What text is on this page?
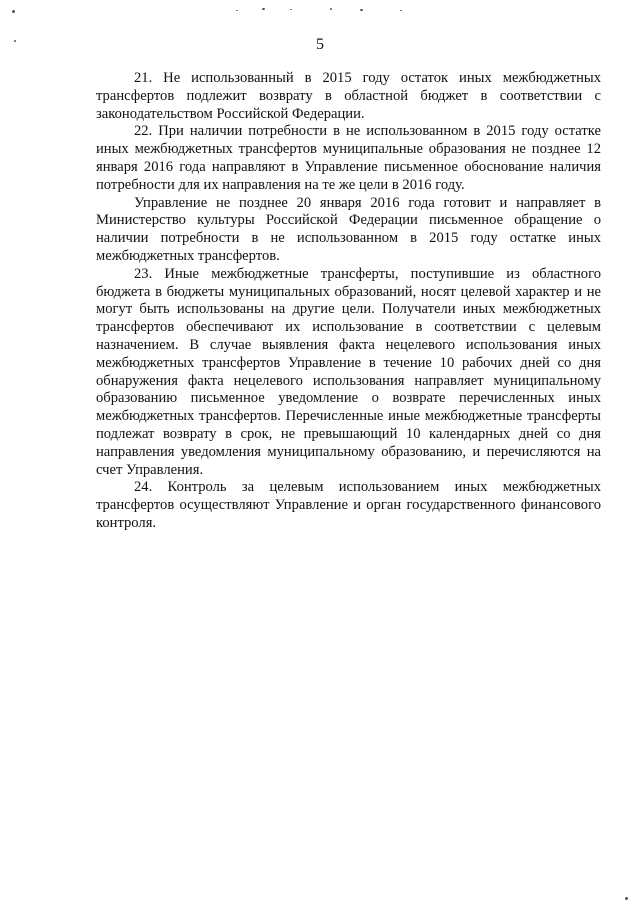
5

21. Не использованный в 2015 году остаток иных межбюджетных трансфертов подлежит возврату в областной бюджет в соответствии с законодательством Российской Федерации.

22. При наличии потребности в не использованном в 2015 году остатке иных межбюджетных трансфертов муниципальные образования не позднее 12 января 2016 года направляют в Управление письменное обоснование наличия потребности для их направления на те же цели в 2016 году.

Управление не позднее 20 января 2016 года готовит и направляет в Министерство культуры Российской Федерации письменное обращение о наличии потребности в не использованном в 2015 году остатке иных межбюджетных трансфертов.

23. Иные межбюджетные трансферты, поступившие из областного бюджета в бюджеты муниципальных образований, носят целевой характер и не могут быть использованы на другие цели. Получатели иных межбюджетных трансфертов обеспечивают их использование в соответствии с целевым назначением. В случае выявления факта нецелевого использования иных межбюджетных трансфертов Управление в течение 10 рабочих дней со дня обнаружения факта нецелевого использования направляет муниципальному образованию письменное уведомление о возврате перечисленных иных межбюджетных трансфертов. Перечисленные иные межбюджетные трансферты подлежат возврату в срок, не превышающий 10 календарных дней со дня направления уведомления муниципальному образованию, и перечисляются на счет Управления.

24. Контроль за целевым использованием иных межбюджетных трансфертов осуществляют Управление и орган государственного финансового контроля.
